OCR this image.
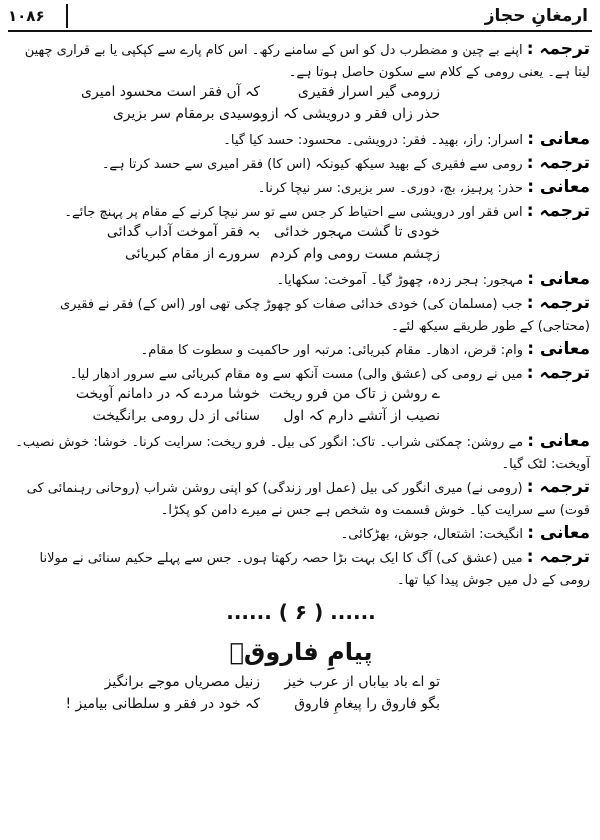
۱۰۸۶	ارمغانِ حجاز
ترجمہ : اپنے بے چین و مضطرب دل کو اس کے سامنے رکھ۔ اس کام پارے سے کپکپی یا بے قراری چھین لیتا ہے۔ یعنی رومی کے کلام سے سکون حاصل ہوتا ہے۔
زرومی گیر اسرار فقیری
کہ آں فقر است محسود امیری
حذر زاں فقر و درویشی کہ ازوے
رسیدی برمقام سر بزیری
معانی : اسرار: راز، بھید۔ فقر: درویشی۔ محسود: حسد کیا گیا۔
ترجمہ : رومی سے فقیری کے بھید سیکھ کیونکہ (اس کا) فقر امیری سے حسد کرتا ہے۔
معانی : حذر: پرہیز، بچ، دوری۔ سر بزیری: سر نیچا کرنا۔
ترجمہ : اس فقر اور درویشی سے احتیاط کر جس سے تو سر نیچا کرنے کے مقام پر پہنچ جائے۔
خودی تا گشت مہجور خدائی
بہ فقر آموخت آداب گدائی
زچشم مست رومی وام کردم
سرورے از مقام کبریائی
معانی : مہجور: ہجر زدہ، چھوڑ گیا۔ آموخت: سکھایا۔
ترجمہ : جب (مسلمان کی) خودی خدائی صفات کو چھوڑ چکی تھی اور (اس کے) فقر نے فقیری (محتاجی) کے طور طریقے سیکھ لئے۔
معانی : وام: قرض، ادھار۔ مقام کبریائی: مرتبہ اور حاکمیت و سطوت کا مقام۔
ترجمہ : میں نے رومی کی (عشق والی) مست آنکھ سے وہ مقام کبریائی سے سرور ادھار لیا۔
ے روشن ز تاک من فرو ریخت
خوشا مردے کہ در دامانم آویخت
نصیب از آتشے دارم کہ اول
سنائی از دل رومی برانگیخت
معانی : مے روشن: چمکتی شراب۔ تاک: انگور کی بیل۔ فرو ریخت: سرایت کرنا۔ خوشا: خوش نصیب۔ آویخت: لٹک گیا۔
ترجمہ : (رومی نے) میری انگور کی بیل (عمل اور زندگی) کو اپنی روشن شراب (روحانی رہنمائی کی قوت) سے سرایت کیا۔ خوش قسمت وہ شخص ہے جس نے میرے دامن کو پکڑا۔
معانی : انگیخت: اشتعال، جوش، بھڑکائی۔
ترجمہ : میں (عشق کی) آگ کا ایک بہت بڑا حصہ رکھتا ہوں۔ جس سے پہلے حکیم سنائی نے مولانا رومی کے دل میں جوش پیدا کیا تھا۔
...... ( ۶ ) ......
پیامِ فاروقؓ
تو اے باد بیاباں از عرب خیز
زنیل مصریاں موجے برانگیز
بگو فاروق را پیغامِ فاروق
کہ خود در فقر و سلطانی بیامیز !
